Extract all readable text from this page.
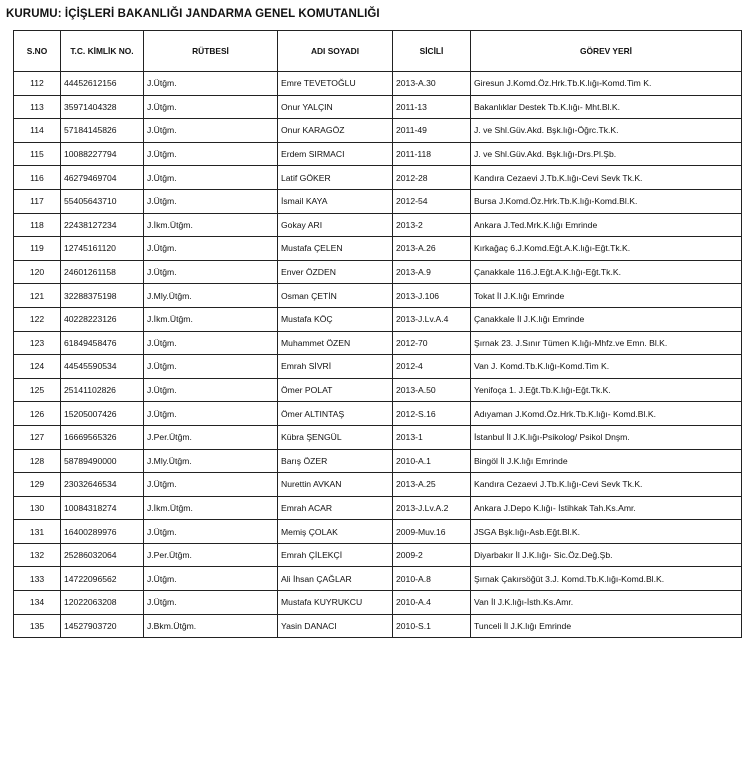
KURUMU: İÇİŞLERİ BAKANLIĞI JANDARMA GENEL KOMUTANLIĞI
S.NO	T.C. KİMLİK NO.	RÜTBESİ	ADI SOYADI	SİCİLİ	GÖREV YERİ
112	44452612156	J.Ütğm.	Emre TEVETOĞLU	2013-A.30	Giresun J.Komd.Öz.Hrk.Tb.K.lığı-Komd.Tim K.
113	35971404328	J.Ütğm.	Onur YALÇIN	2011-13	Bakanlıklar Destek Tb.K.lığı- Mht.Bl.K.
114	57184145826	J.Ütğm.	Onur KARAGÖZ	2011-49	J. ve Shl.Güv.Akd. Bşk.lığı-Öğrc.Tk.K.
115	10088227794	J.Ütğm.	Erdem SIRMACI	2011-118	J. ve Shl.Güv.Akd. Bşk.lığı-Drs.Pl.Şb.
116	46279469704	J.Ütğm.	Latif GÖKER	2012-28	Kandıra Cezaevi J.Tb.K.lığı-Cevi Sevk Tk.K.
117	55405643710	J.Ütğm.	İsmail KAYA	2012-54	Bursa J.Komd.Öz.Hrk.Tb.K.lığı-Komd.Bl.K.
118	22438127234	J.İkm.Ütğm.	Gokay ARI	2013-2	Ankara J.Ted.Mrk.K.lığı Emrinde
119	12745161120	J.Ütğm.	Mustafa ÇELEN	2013-A.26	Kırkağaç 6.J.Komd.Eğt.A.K.lığı-Eğt.Tk.K.
120	24601261158	J.Ütğm.	Enver ÖZDEN	2013-A.9	Çanakkale 116.J.Eğt.A.K.lığı-Eğt.Tk.K.
121	32288375198	J.Mly.Ütğm.	Osman ÇETİN	2013-J.106	Tokat İl J.K.lığı Emrinde
122	40228223126	J.İkm.Ütğm.	Mustafa KÖÇ	2013-J.Lv.A.4	Çanakkale İl J.K.lığı Emrinde
123	61849458476	J.Ütğm.	Muhammet ÖZEN	2012-70	Şırnak 23. J.Sınır Tümen K.lığı-Mhfz.ve Emn. Bl.K.
124	44545590534	J.Ütğm.	Emrah SİVRİ	2012-4	Van J. Komd.Tb.K.lığı-Komd.Tim K.
125	25141102826	J.Ütğm.	Ömer POLAT	2013-A.50	Yenifoça 1. J.Eğt.Tb.K.lığı-Eğt.Tk.K.
126	15205007426	J.Ütğm.	Ömer ALTINTAŞ	2012-S.16	Adıyaman J.Komd.Öz.Hrk.Tb.K.lığı- Komd.Bl.K.
127	16669565326	J.Per.Ütğm.	Kübra ŞENGÜL	2013-1	İstanbul İl J.K.lığı-Psikolog/ Psikol Dnşm.
128	58789490000	J.Mly.Ütğm.	Barış ÖZER	2010-A.1	Bingöl İl J.K.lığı Emrinde
129	23032646534	J.Ütğm.	Nurettin AVKAN	2013-A.25	Kandıra Cezaevi J.Tb.K.lığı-Cevi Sevk Tk.K.
130	10084318274	J.İkm.Ütğm.	Emrah ACAR	2013-J.Lv.A.2	Ankara J.Depo K.lığı- İstihkak Tah.Ks.Amr.
131	16400289976	J.Ütğm.	Memiş ÇOLAK	2009-Muv.16	JSGA Bşk.lığı-Asb.Eğt.Bl.K.
132	25286032064	J.Per.Ütğm.	Emrah ÇİLEKÇİ	2009-2	Diyarbakır İl J.K.lığı- Sic.Öz.Değ.Şb.
133	14722096562	J.Ütğm.	Ali İhsan ÇAĞLAR	2010-A.8	Şırnak Çakırsöğüt 3.J. Komd.Tb.K.lığı-Komd.Bl.K.
134	12022063208	J.Ütğm.	Mustafa KUYRUKCU	2010-A.4	Van İl J.K.lığı-İsth.Ks.Amr.
135	14527903720	J.Bkm.Ütğm.	Yasin DANACI	2010-S.1	Tunceli İl J.K.lığı Emrinde
